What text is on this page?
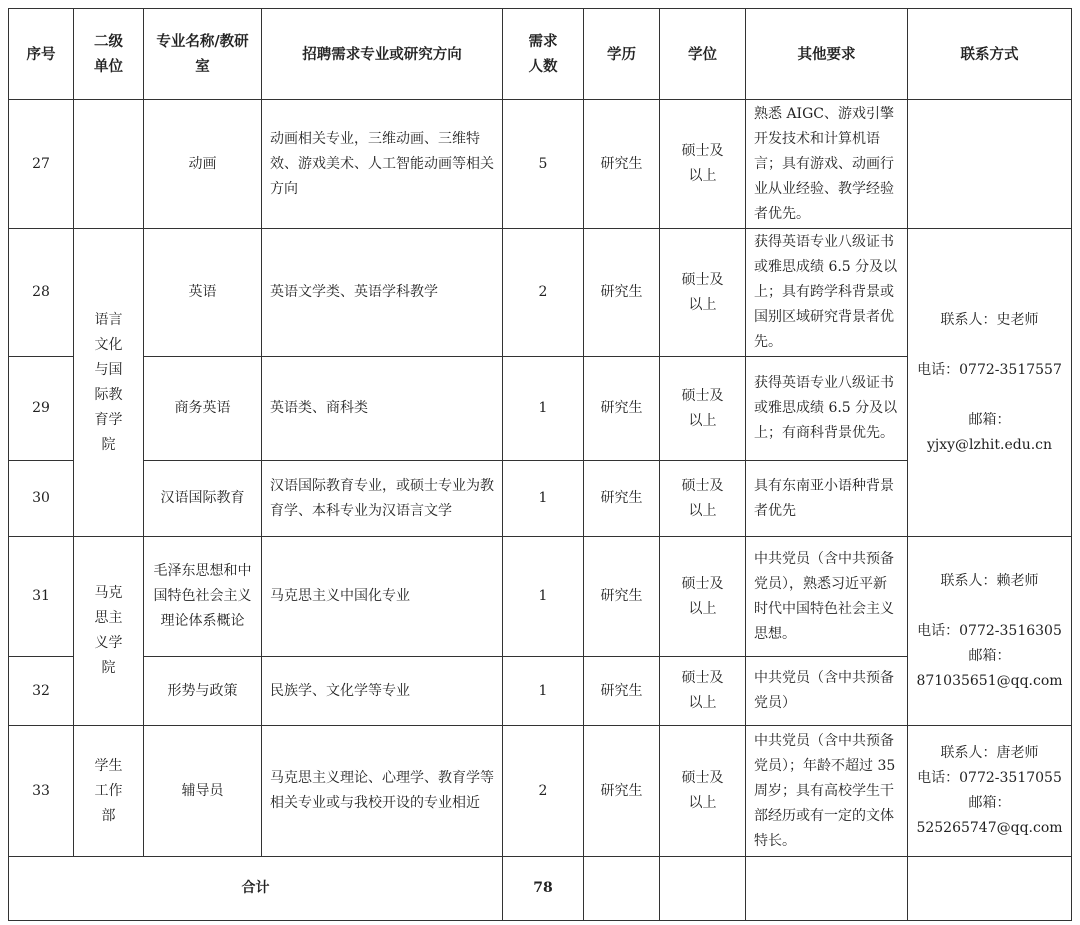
序号	二级单位	专业名称/教研室	招聘需求专业或研究方向	需求人数	学历	学位	其他要求	联系方式
27		动画	动画相关专业，三维动画、三维特效、游戏美术、人工智能动画等相关方向	5	研究生	硕士及以上	熟悉 AIGC、游戏引擎开发技术和计算机语言；具有游戏、动画行业从业经验、教学经验者优先。	
28	语言文化与国际教育学院	英语	英语文学类、英语学科教学	2	研究生	硕士及以上	获得英语专业八级证书或雅思成绩 6.5 分及以上；具有跨学科背景或国别区域研究背景者优先。	联系人：史老师

电话：0772-3517557

邮箱：
yjxy@lzhit.edu.cn

29		商务英语	英语类、商科类	1	研究生	硕士及以上	获得英语专业八级证书或雅思成绩 6.5 分及以上；有商科背景优先。	
30		汉语国际教育	汉语国际教育专业，或硕士专业为教育学、本科专业为汉语言文学	1	研究生	硕士及以上	具有东南亚小语种背景者优先	
31	马克思主义学院	毛泽东思想和中国特色社会主义理论体系概论	马克思主义中国化专业	1	研究生	硕士及以上	中共党员（含中共预备党员），熟悉习近平新时代中国特色社会主义思想。	联系人：赖老师

电话：0772-3516305
邮箱：
871035651@qq.com

32		形势与政策	民族学、文化学等专业	1	研究生	硕士及以上	中共党员（含中共预备党员）	
33	学生工作部	辅导员	马克思主义理论、心理学、教育学等相关专业或与我校开设的专业相近	2	研究生	硕士及以上	中共党员（含中共预备党员）；年龄不超过 35 周岁；具有高校学生干部经历或有一定的文体特长。	联系人：唐老师
电话：0772-3517055
邮箱：
525265747@qq.com

合计				78				
